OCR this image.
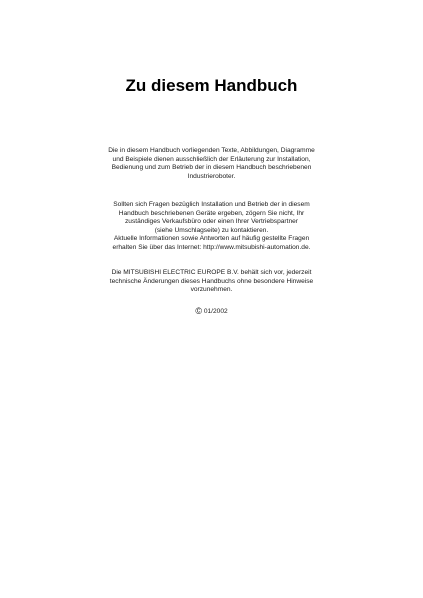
Zu diesem Handbuch

Die in diesem Handbuch vorliegenden Texte, Abbildungen, Diagramme
und Beispiele dienen ausschließlich der Erläuterung zur Installation,
Bedienung und zum Betrieb der in diesem Handbuch beschriebenen
Industrieroboter.

Sollten sich Fragen bezüglich Installation und Betrieb der in diesem
Handbuch beschriebenen Geräte ergeben, zögern Sie nicht, Ihr
zuständiges Verkaufsbüro oder einen Ihrer Vertriebspartner
(siehe Umschlagseite) zu kontaktieren.
Aktuelle Informationen sowie Antworten auf häufig gestellte Fragen
erhalten Sie über das Internet: http://www.mitsubishi-automation.de.

Die MITSUBISHI ELECTRIC EUROPE B.V. behält sich vor, jederzeit
technische Änderungen dieses Handbuchs ohne besondere Hinweise
vorzunehmen.

© 01/2002
